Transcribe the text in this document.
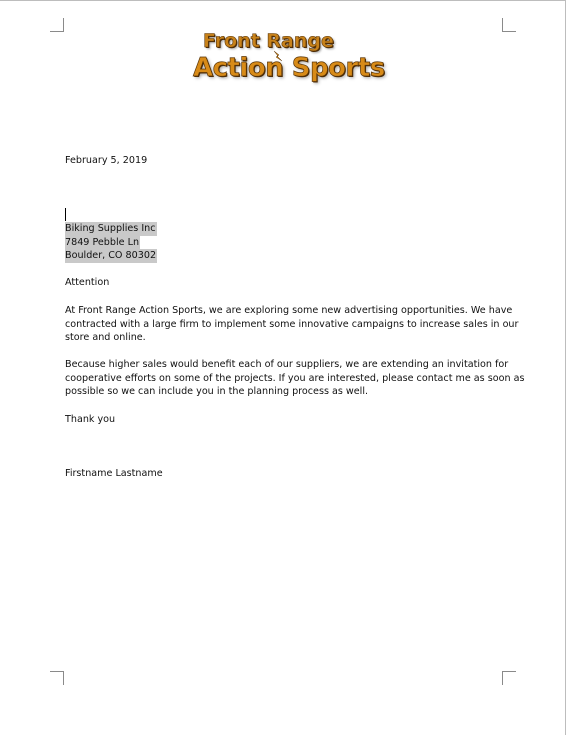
Front Range
Action Sports
February 5, 2019
Biking Supplies Inc
7849 Pebble Ln
Boulder, CO 80302
Attention
At Front Range Action Sports, we are exploring some new advertising opportunities. We have
contracted with a large firm to implement some innovative campaigns to increase sales in our
store and online.
Because higher sales would benefit each of our suppliers, we are extending an invitation for
cooperative efforts on some of the projects. If you are interested, please contact me as soon as
possible so we can include you in the planning process as well.
Thank you
Firstname Lastname
